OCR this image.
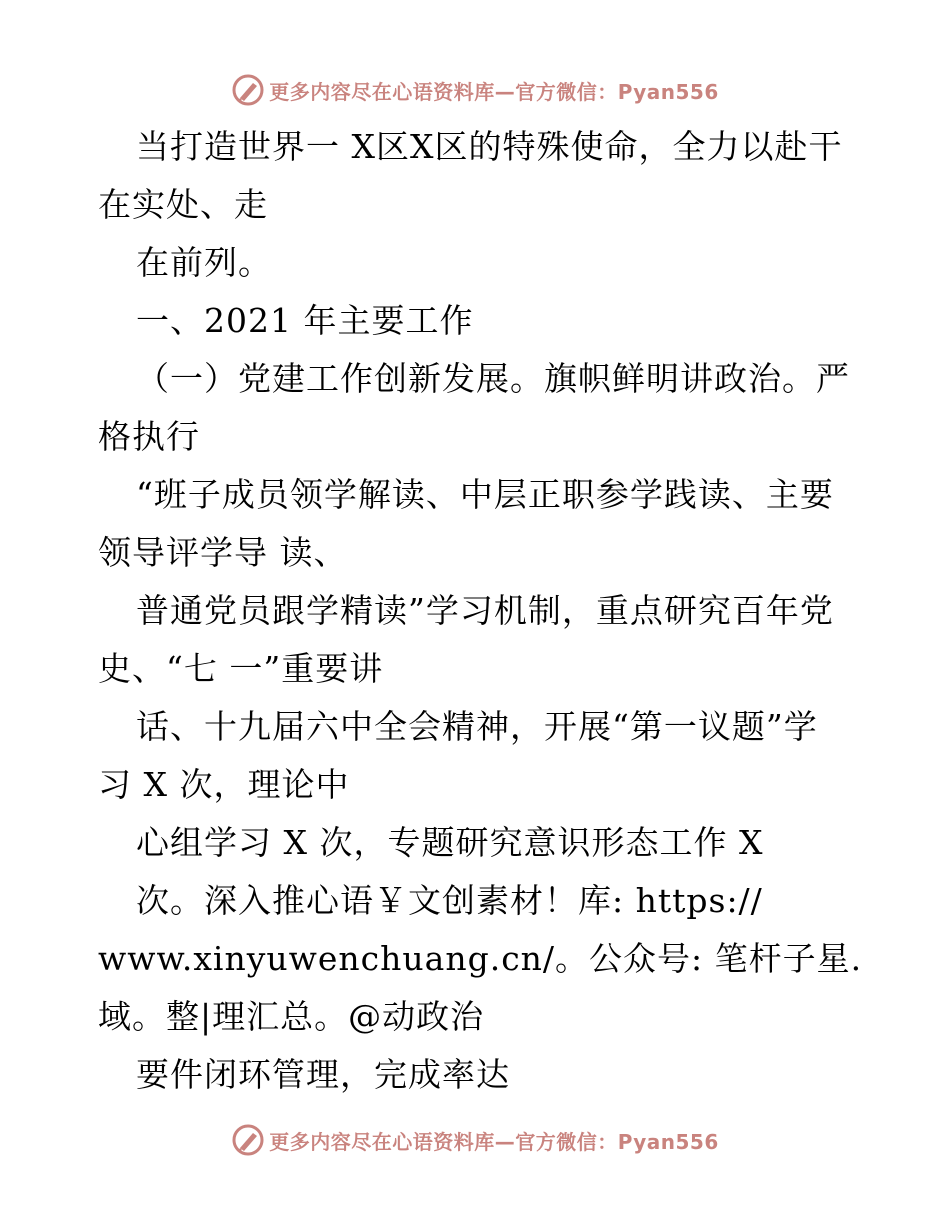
更多内容尽在心语资料库—官方微信：Pyan556
当打造世界一 X区X区的特殊使命，全力以赴干
在实处、走
在前列。
一、2021 年主要工作
（一）党建工作创新发展。旗帜鲜明讲政治。严
格执行
“班子成员领学解读、中层正职参学践读、主要
领导评学导 读、
普通党员跟学精读”学习机制，重点研究百年党
史、“七 一”重要讲
话、十九届六中全会精神，开展“第一议题”学
习 X 次，理论中
心组学习 X 次，专题研究意识形态工作 X
次。深入推心语￥文创素材！库: https://
www.xinyuwenchuang.cn/。公众号: 笔杆子星.
域。整|理汇总。@动政治
要件闭环管理，完成率达
更多内容尽在心语资料库—官方微信：Pyan556
